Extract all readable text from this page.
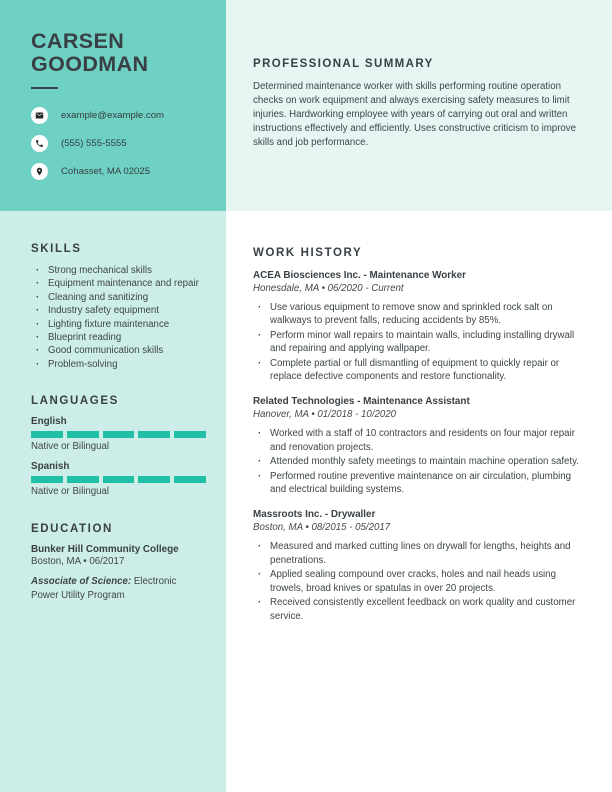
CARSEN
GOODMAN
example@example.com
(555) 555-5555
Cohasset, MA 02025
PROFESSIONAL SUMMARY

Determined maintenance worker with skills performing routine operation checks on work equipment and always exercising safety measures to limit injuries. Hardworking employee with years of carrying out oral and written instructions effectively and efficiently. Uses constructive criticism to improve skills and job performance.

SKILLS
· Strong mechanical skills
· Equipment maintenance and repair
· Cleaning and sanitizing
· Industry safety equipment
· Lighting fixture maintenance
· Blueprint reading
· Good communication skills
· Problem-solving
LANGUAGES
English
Native or Bilingual
Spanish
Native or Bilingual
EDUCATION
Bunker Hill Community College
Boston, MA • 06/2017
Associate of Science: Electronic Power Utility Program
WORK HISTORY
ACEA Biosciences Inc. - Maintenance Worker
Honesdale, MA • 06/2020 - Current
· Use various equipment to remove snow and sprinkled rock salt on walkways to prevent falls, reducing accidents by 85%.
· Perform minor wall repairs to maintain walls, including installing drywall and repairing and applying wallpaper.
· Complete partial or full dismantling of equipment to quickly repair or replace defective components and restore functionality.
Related Technologies - Maintenance Assistant
Hanover, MA • 01/2018 - 10/2020
· Worked with a staff of 10 contractors and residents on four major repair and renovation projects.
· Attended monthly safety meetings to maintain machine operation safety.
· Performed routine preventive maintenance on air circulation, plumbing and electrical building systems.
Massroots Inc. - Drywaller
Boston, MA • 08/2015 - 05/2017
· Measured and marked cutting lines on drywall for lengths, heights and penetrations.
· Applied sealing compound over cracks, holes and nail heads using trowels, broad knives or spatulas in over 20 projects.
· Received consistently excellent feedback on work quality and customer service.
